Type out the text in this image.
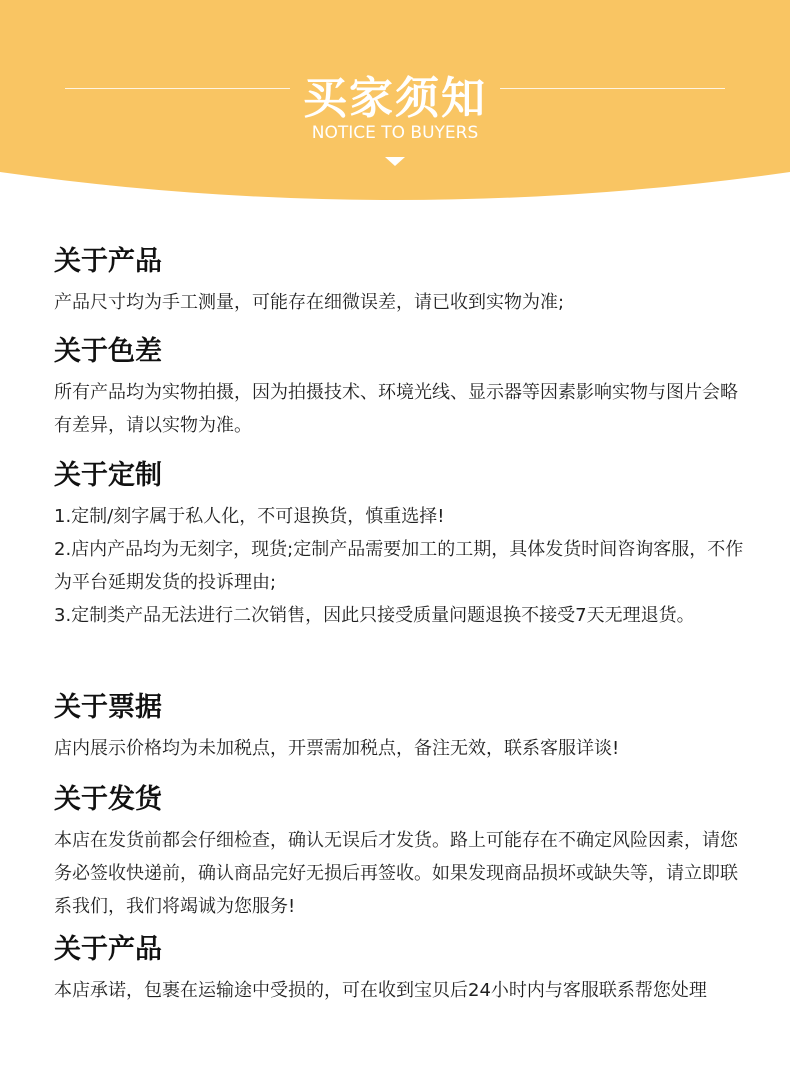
买家须知
NOTICE TO BUYERS
关于产品

产品尺寸均为手工测量，可能存在细微误差，请已收到实物为准;

关于色差

所有产品均为实物拍摄，因为拍摄技术、环境光线、显示器等因素影响实物与图片会略有差异，请以实物为准。

关于定制

1.定制/刻字属于私人化，不可退换货，慎重选择!

2.店内产品均为无刻字，现货;定制产品需要加工的工期，具体发货时间咨询客服，不作为平台延期发货的投诉理由;

3.定制类产品无法进行二次销售，因此只接受质量问题退换不接受7天无理退货。

关于票据

店内展示价格均为未加税点，开票需加税点，备注无效，联系客服详谈!

关于发货

本店在发货前都会仔细检查，确认无误后才发货。路上可能存在不确定风险因素，请您务必签收快递前，确认商品完好无损后再签收。如果发现商品损坏或缺失等，请立即联系我们，我们将竭诚为您服务!

关于产品

本店承诺，包裹在运输途中受损的，可在收到宝贝后24小时内与客服联系帮您处理
